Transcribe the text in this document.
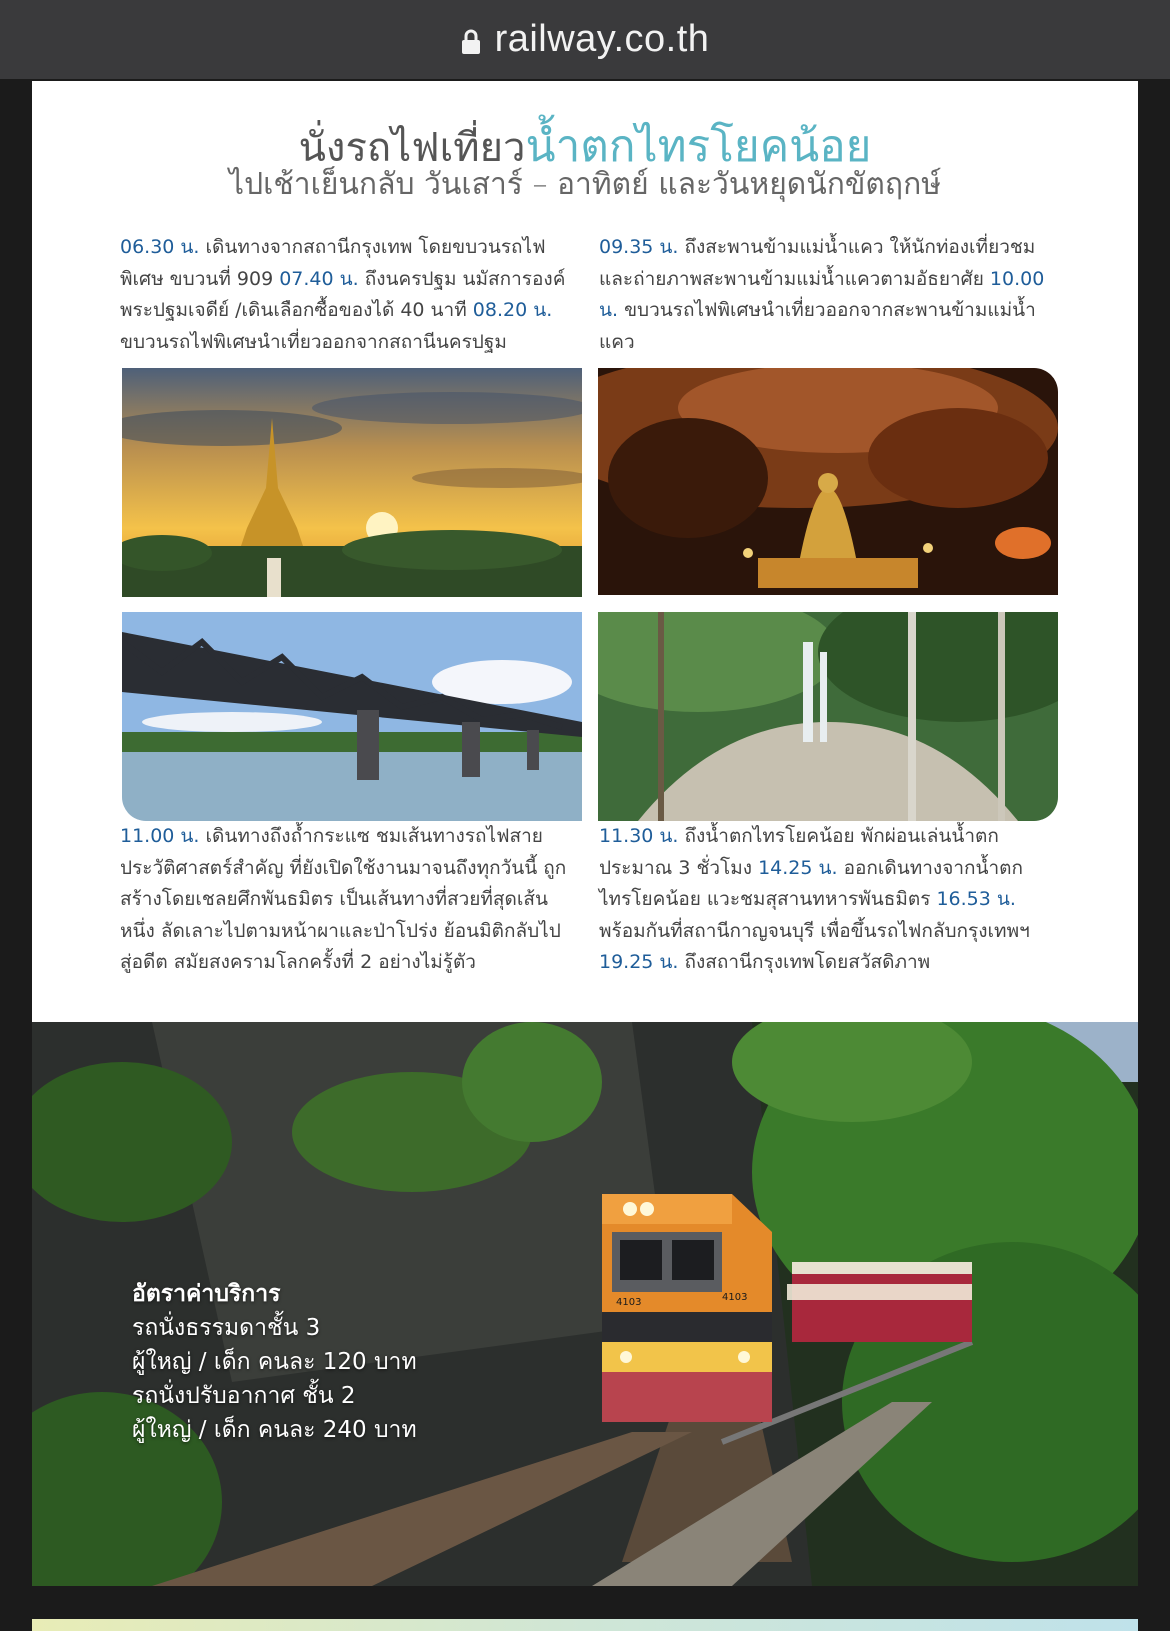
railway.co.th
นั่งรถไฟเที่ยวน้ำตกไทรโยคน้อย
ไปเช้าเย็นกลับ วันเสาร์ – อาทิตย์ และวันหยุดนักขัตฤกษ์
06.30 น. เดินทางจากสถานีกรุงเทพ โดยขบวนรถไฟพิเศษ ขบวนที่ 909 07.40 น. ถึงนครปฐม นมัสการองค์พระปฐมเจดีย์ /เดินเลือกซื้อของได้ 40 นาที 08.20 น. ขบวนรถไฟพิเศษนำเที่ยวออกจากสถานีนครปฐม
09.35 น. ถึงสะพานข้ามแม่น้ำแคว ให้นักท่องเที่ยวชมและถ่ายภาพสะพานข้ามแม่น้ำแควตามอัธยาศัย 10.00 น. ขบวนรถไฟพิเศษนำเที่ยวออกจากสะพานข้ามแม่น้ำแคว
11.00 น. เดินทางถึงถ้ำกระแซ ชมเส้นทางรถไฟสายประวัติศาสตร์สำคัญ ที่ยังเปิดใช้งานมาจนถึงทุกวันนี้ ถูกสร้างโดยเชลยศึกพันธมิตร เป็นเส้นทางที่สวยที่สุดเส้นหนึ่ง ลัดเลาะไปตามหน้าผาและป่าโปร่ง ย้อนมิติกลับไปสู่อดีต สมัยสงครามโลกครั้งที่ 2 อย่างไม่รู้ตัว
11.30 น. ถึงน้ำตกไทรโยคน้อย พักผ่อนเล่นน้ำตกประมาณ 3 ชั่วโมง 14.25 น. ออกเดินทางจากน้ำตกไทรโยคน้อย แวะชมสุสานทหารพันธมิตร 16.53 น. พร้อมกันที่สถานีกาญจนบุรี เพื่อขึ้นรถไฟกลับกรุงเทพฯ 19.25 น. ถึงสถานีกรุงเทพโดยสวัสดิภาพ
4103	4103
อัตราค่าบริการ
รถนั่งธรรมดาชั้น 3
ผู้ใหญ่ / เด็ก คนละ 120 บาท
รถนั่งปรับอากาศ ชั้น 2
ผู้ใหญ่ / เด็ก คนละ 240 บาท
